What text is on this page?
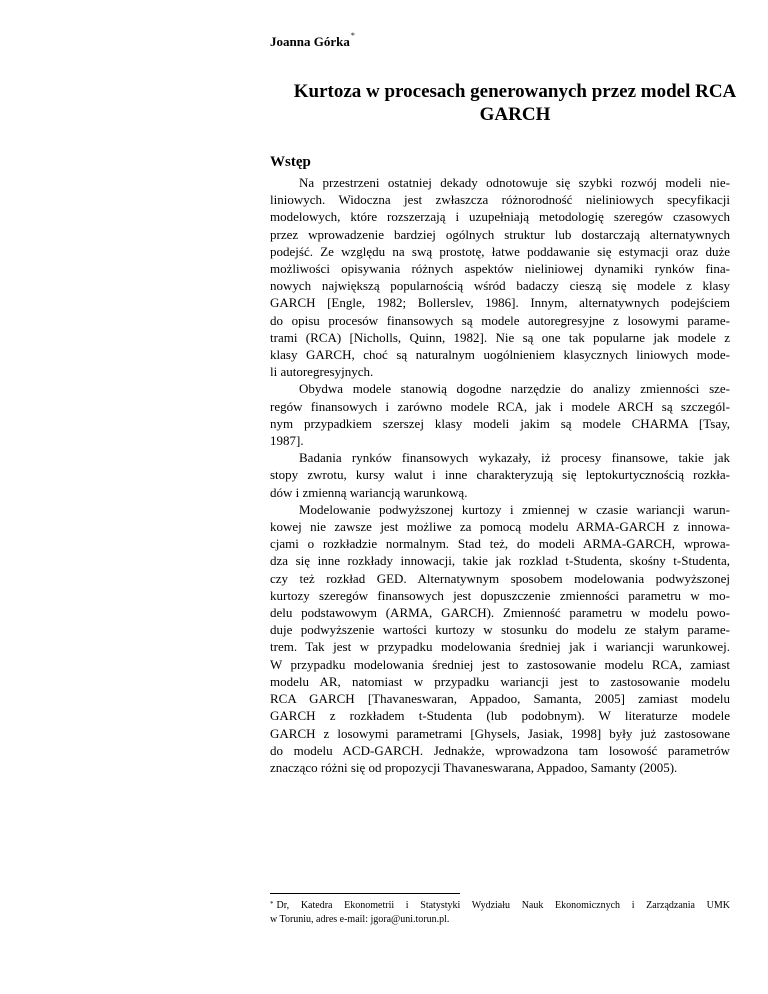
Joanna Górka*
Kurtoza w procesach generowanych przez model RCA
GARCH
Wstęp

Na przestrzeni ostatniej dekady odnotowuje się szybki rozwój modeli nie-
liniowych. Widoczna jest zwłaszcza różnorodność nieliniowych specyfikacji
modelowych, które rozszerzają i uzupełniają metodologię szeregów czasowych
przez wprowadzenie bardziej ogólnych struktur lub dostarczają alternatywnych
podejść. Ze względu na swą prostotę, łatwe poddawanie się estymacji oraz duże
możliwości opisywania różnych aspektów nieliniowej dynamiki rynków fina-
nowych największą popularnością wśród badaczy cieszą się modele z klasy
GARCH [Engle, 1982; Bollerslev, 1986]. Innym, alternatywnych podejściem
do opisu procesów finansowych są modele autoregresyjne z losowymi parame-
trami (RCA) [Nicholls, Quinn, 1982]. Nie są one tak popularne jak modele z
klasy GARCH, choć są naturalnym uogólnieniem klasycznych liniowych mode-
li autoregresyjnych.

Obydwa modele stanowią dogodne narzędzie do analizy zmienności sze-
regów finansowych i zarówno modele RCA, jak i modele ARCH są szczegól-
nym przypadkiem szerszej klasy modeli jakim są modele CHARMA [Tsay,
1987].

Badania rynków finansowych wykazały, iż procesy finansowe, takie jak
stopy zwrotu, kursy walut i inne charakteryzują się leptokurtycznością rozkła-
dów i zmienną wariancją warunkową.

Modelowanie podwyższonej kurtozy i zmiennej w czasie wariancji warun-
kowej nie zawsze jest możliwe za pomocą modelu ARMA-GARCH z innowa-
cjami o rozkładzie normalnym. Stad też, do modeli ARMA-GARCH, wprowa-
dza się inne rozkłady innowacji, takie jak rozklad t-Studenta, skośny t-Studenta,
czy też rozkład GED. Alternatywnym sposobem modelowania podwyższonej
kurtozy szeregów finansowych jest dopuszczenie zmienności parametru w mo-
delu podstawowym (ARMA, GARCH). Zmienność parametru w modelu powo-
duje podwyższenie wartości kurtozy w stosunku do modelu ze stałym parame-
trem. Tak jest w przypadku modelowania średniej jak i wariancji warunkowej.
W przypadku modelowania średniej jest to zastosowanie modelu RCA, zamiast
modelu AR, natomiast w przypadku wariancji jest to zastosowanie modelu
RCA GARCH [Thavaneswaran, Appadoo, Samanta, 2005] zamiast modelu
GARCH z rozkładem t-Studenta (lub podobnym). W literaturze modele
GARCH z losowymi parametrami [Ghysels, Jasiak, 1998] były już zastosowane
do modelu ACD-GARCH. Jednakże, wprowadzona tam losowość parametrów
znacząco różni się od propozycji Thavaneswarana, Appadoo, Samanty (2005).

* Dr, Katedra Ekonometrii i Statystyki Wydziału Nauk Ekonomicznych i Zarządzania UMK
w Toruniu, adres e-mail: jgora@uni.torun.pl.
